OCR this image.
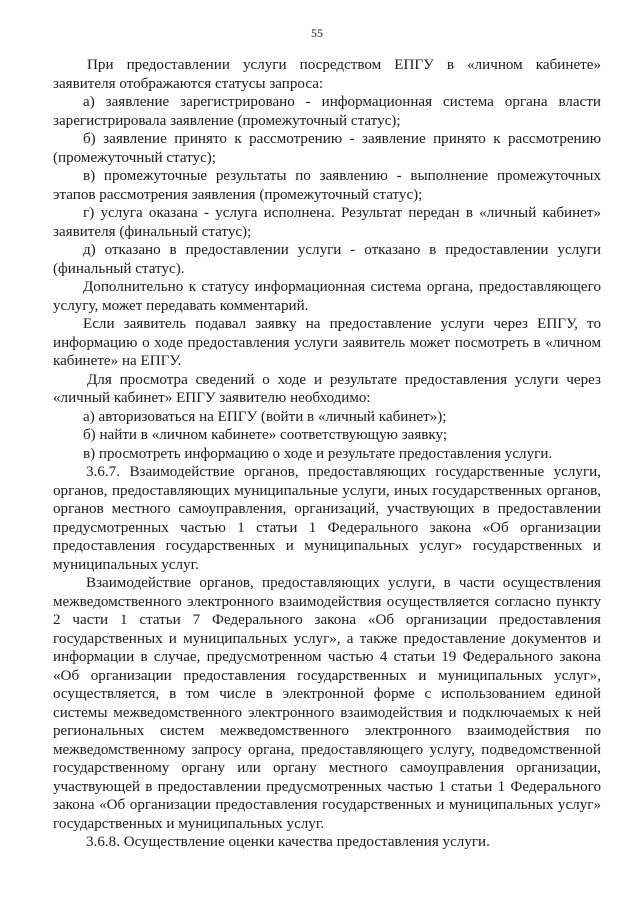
55

При предоставлении услуги посредством ЕПГУ в «личном кабинете» заявителя отображаются статусы запроса:

а) заявление зарегистрировано - информационная система органа власти зарегистрировала заявление (промежуточный статус);

б) заявление принято к рассмотрению - заявление принято к рассмотрению (промежуточный статус);

в) промежуточные результаты по заявлению - выполнение промежуточных этапов рассмотрения заявления (промежуточный статус);

г) услуга оказана - услуга исполнена. Результат передан в «личный кабинет» заявителя (финальный статус);

д) отказано в предоставлении услуги - отказано в предоставлении услуги (финальный статус).

Дополнительно к статусу информационная система органа, предоставляющего услугу, может передавать комментарий.

Если заявитель подавал заявку на предоставление услуги через ЕПГУ, то информацию о ходе предоставления услуги заявитель может посмотреть в «личном кабинете» на ЕПГУ.

Для просмотра сведений о ходе и результате предоставления услуги через «личный кабинет» ЕПГУ заявителю необходимо:

а) авторизоваться на ЕПГУ (войти в «личный кабинет»);

б) найти в «личном кабинете» соответствующую заявку;

в) просмотреть информацию о ходе и результате предоставления услуги.

3.6.7. Взаимодействие органов, предоставляющих государственные услуги, органов, предоставляющих муниципальные услуги, иных государственных органов, органов местного самоуправления, организаций, участвующих в предоставлении предусмотренных частью 1 статьи 1 Федерального закона «Об организации предоставления государственных и муниципальных услуг» государственных и муниципальных услуг.

Взаимодействие органов, предоставляющих услуги, в части осуществления межведомственного электронного взаимодействия осуществляется согласно пункту 2 части 1 статьи 7 Федерального закона «Об организации предоставления государственных и муниципальных услуг», а также предоставление документов и информации в случае, предусмотренном частью 4 статьи 19 Федерального закона «Об организации предоставления государственных и муниципальных услуг», осуществляется, в том числе в электронной форме с использованием единой системы межведомственного электронного взаимодействия и подключаемых к ней региональных систем межведомственного электронного взаимодействия по межведомственному запросу органа, предоставляющего услугу, подведомственной государственному органу или органу местного самоуправления организации, участвующей в предоставлении предусмотренных частью 1 статьи 1 Федерального закона «Об организации предоставления государственных и муниципальных услуг» государственных и муниципальных услуг.

3.6.8. Осуществление оценки качества предоставления услуги.
